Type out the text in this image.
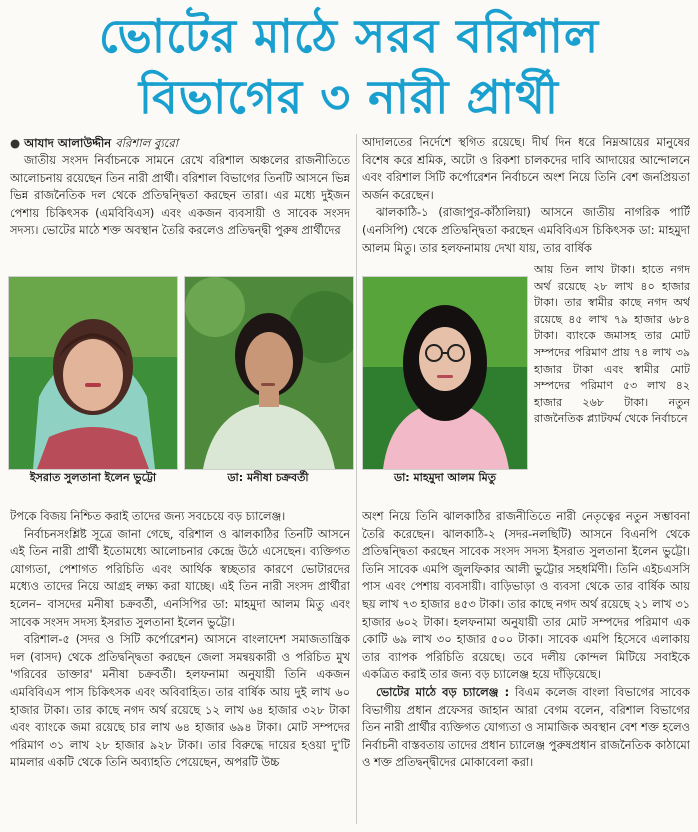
ভোটের মাঠে সরব বরিশাল
বিভাগের ৩ নারী প্রার্থী
● আযাদ আলাউদ্দীন বরিশাল ব্যুরো

জাতীয় সংসদ নির্বাচনকে সামনে রেখে বরিশাল অঞ্চলের রাজনীতিতে আলোচনায় রয়েছেন তিন নারী প্রার্থী। বরিশাল বিভাগের তিনটি আসনে ভিন্ন ভিন্ন রাজনৈতিক দল থেকে প্রতিদ্বন্দ্বিতা করছেন তারা। এর মধ্যে দুইজন পেশায় চিকিৎসক (এমবিবিএস) এবং একজন ব্যবসায়ী ও সাবেক সংসদ সদস্য। ভোটের মাঠে শক্ত অবস্থান তৈরি করলেও প্রতিদ্বন্দ্বী পুরুষ প্রার্থীদের

আদালতের নির্দেশে স্থগিত রয়েছে। দীর্ঘ দিন ধরে নিম্নআয়ের মানুষের বিশেষ করে শ্রমিক, অটো ও রিকশা চালকদের দাবি আদায়ের আন্দোলনে এবং বরিশাল সিটি কর্পোরেশন নির্বাচনে অংশ নিয়ে তিনি বেশ জনপ্রিয়তা অর্জন করেছেন।

ঝালকাঠি-১ (রাজাপুর-কাঁঠালিয়া) আসনে জাতীয় নাগরিক পার্টি (এনসিপি) থেকে প্রতিদ্বন্দ্বিতা করছেন এমবিবিএস চিকিৎসক ডা: মাহমুদা আলম মিতু। তার হলফনামায় দেখা যায়, তার বার্ষিক

ইসরাত সুলতানা ইলেন ভুট্টো	ডা: মনীষা চক্রবর্তী	ডা: মাহমুদা আলম মিতু

আয় তিন লাখ টাকা। হাতে নগদ অর্থ রয়েছে ২৮ লাখ ৪০ হাজার টাকা। তার স্বামীর কাছে নগদ অর্থ রয়েছে ৪৫ লাখ ৭৯ হাজার ৬৮৪ টাকা। ব্যাংকে জমাসহ তার মোট সম্পদের পরিমাণ প্রায় ৭৪ লাখ ৩৯ হাজার টাকা এবং স্বামীর মোট সম্পদের পরিমাণ ৫৩ লাখ ৪২ হাজার ২৬৮ টাকা। নতুন রাজনৈতিক প্ল্যাটফর্ম থেকে নির্বাচনে

টপকে বিজয় নিশ্চিত করাই তাদের জন্য সবচেয়ে বড় চ্যালেঞ্জ।

নির্বাচনসংশ্লিষ্ট সূত্রে জানা গেছে, বরিশাল ও ঝালকাঠির তিনটি আসনে এই তিন নারী প্রার্থী ইতোমধ্যে আলোচনার কেন্দ্রে উঠে এসেছেন। ব্যক্তিগত যোগ্যতা, পেশাগত পরিচিতি এবং আর্থিক স্বচ্ছতার কারণে ভোটারদের মধ্যেও তাদের নিয়ে আগ্রহ লক্ষ্য করা যাচ্ছে। এই তিন নারী সংসদ প্রার্থীরা হলেন– বাসদের মনীষা চক্রবর্তী, এনসিপির ডা: মাহমুদা আলম মিতু এবং সাবেক সংসদ সদস্য ইসরাত সুলতানা ইলেন ভুট্টো।

বরিশাল-৫ (সদর ও সিটি কর্পোরেশন) আসনে বাংলাদেশ সমাজতান্ত্রিক দল (বাসদ) থেকে প্রতিদ্বন্দ্বিতা করছেন জেলা সমন্বয়কারী ও পরিচিত মুখ 'গরিবের ডাক্তার' মনীষা চক্রবর্তী। হলফনামা অনুযায়ী তিনি একজন এমবিবিএস পাস চিকিৎসক এবং অবিবাহিত। তার বার্ষিক আয় দুই লাখ ৬০ হাজার টাকা। তার কাছে নগদ অর্থ রয়েছে ১২ লাখ ৬৪ হাজার ৩২৮ টাকা এবং ব্যাংকে জমা রয়েছে চার লাখ ৬৪ হাজার ৬৯৪ টাকা। মোট সম্পদের পরিমাণ ৩১ লাখ ২৮ হাজার ৯২৮ টাকা। তার বিরুদ্ধে দায়ের হওয়া দু'টি মামলার একটি থেকে তিনি অব্যাহতি পেয়েছেন, অপরটি উচ্চ

অংশ নিয়ে তিনি ঝালকাঠির রাজনীতিতে নারী নেতৃত্বের নতুন সম্ভাবনা তৈরি করেছেন। ঝালকাঠি-২ (সদর-নলছিটি) আসনে বিএনপি থেকে প্রতিদ্বন্দ্বিতা করছেন সাবেক সংসদ সদস্য ইসরাত সুলতানা ইলেন ভুট্টো। তিনি সাবেক এমপি জুলফিকার আলী ভুট্টোর সহধর্মিণী। তিনি এইচএসসি পাস এবং পেশায় ব্যবসায়ী। বাড়িভাড়া ও ব্যবসা থেকে তার বার্ষিক আয় ছয় লাখ ৭৩ হাজার ৪৫৩ টাকা। তার কাছে নগদ অর্থ রয়েছে ২১ লাখ ৩১ হাজার ৬০২ টাকা। হলফনামা অনুযায়ী তার মোট সম্পদের পরিমাণ এক কোটি ৬৯ লাখ ৩০ হাজার ৫০০ টাকা। সাবেক এমপি হিসেবে এলাকায় তার ব্যাপক পরিচিতি রয়েছে। তবে দলীয় কোন্দল মিটিয়ে সবাইকে একত্রিত করাই তার জন্য বড় চ্যালেঞ্জ হয়ে দাঁড়িয়েছে।

ভোটের মাঠে বড় চ্যালেঞ্জ : বিএম কলেজ বাংলা বিভাগের সাবেক বিভাগীয় প্রধান প্রফেসর জাহান আরা বেগম বলেন, বরিশাল বিভাগের তিন নারী প্রার্থীর ব্যক্তিগত যোগ্যতা ও সামাজিক অবস্থান বেশ শক্ত হলেও নির্বাচনী বাস্তবতায় তাদের প্রধান চ্যালেঞ্জ পুরুষপ্রধান রাজনৈতিক কাঠামো ও শক্ত প্রতিদ্বন্দ্বীদের মোকাবেলা করা।
